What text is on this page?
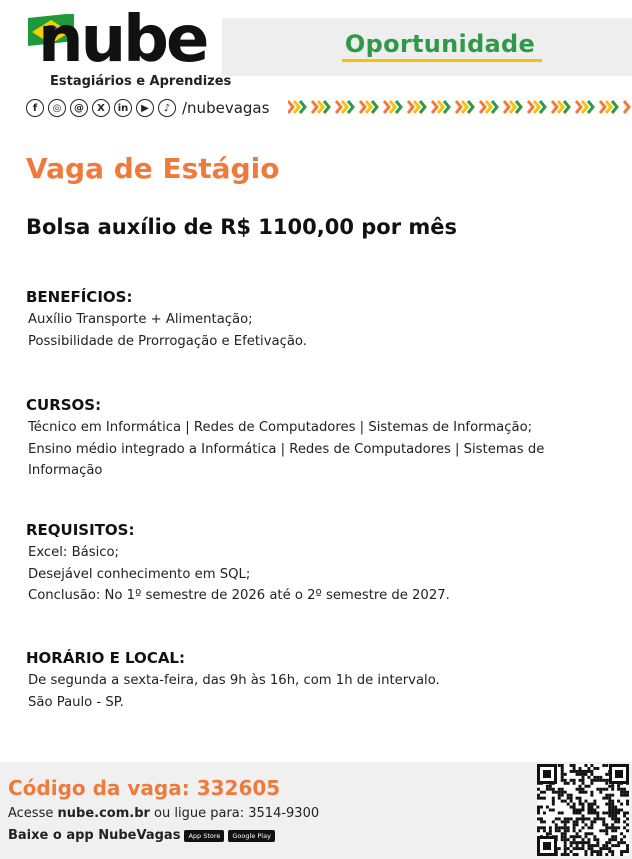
Oportunidade
nube
Estagiários e Aprendizes
f	◎	@	X	in	▶	♪ /nubevagas
Vaga de Estágio
Bolsa auxílio de R$ 1100,00 por mês
BENEFÍCIOS:
Auxílio Transporte + Alimentação;
Possibilidade de Prorrogação e Efetivação.
CURSOS:
Técnico em Informática | Redes de Computadores | Sistemas de Informação;
Ensino médio integrado a Informática | Redes de Computadores | Sistemas de Informação
REQUISITOS:
Excel: Básico;
Desejável conhecimento em SQL;
Conclusão: No 1º semestre de 2026 até o 2º semestre de 2027.
HORÁRIO E LOCAL:
De segunda a sexta-feira, das 9h às 16h, com 1h de intervalo.
São Paulo - SP.
Código da vaga: 332605
Acesse nube.com.br ou ligue para: 3514-9300
Baixe o app NubeVagas	App Store	Google Play
